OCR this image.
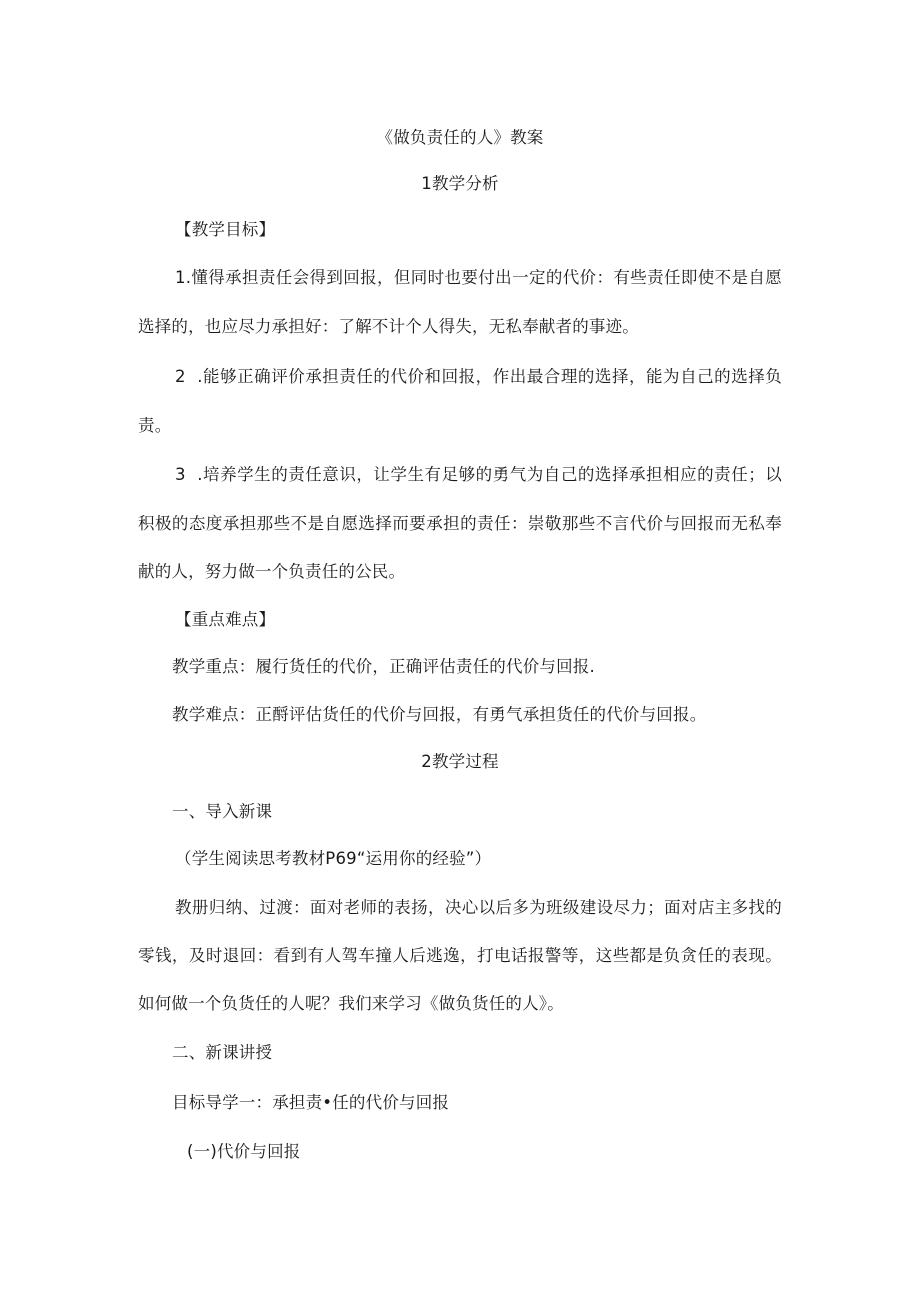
《做负责任的人》教案
1教学分析
【教学目标】
1.懂得承担责任会得到回报，但同时也要付出一定的代价：有些责任即使不是自愿
选择的，也应尽力承担好：了解不计个人得失，无私奉献者的事迹。
2  .能够正确评价承担责任的代价和回报，作出最合理的选择，能为自己的选择负
责。
3  .培养学生的责任意识，让学生有足够的勇气为自己的选择承担相应的责任；以
积极的态度承担那些不是自愿选择而要承担的责任：崇敬那些不言代价与回报而无私奉
献的人，努力做一个负责任的公民。
【重点难点】
教学重点：履行货任的代价，正确评估责任的代价与回报.
教学难点：正酹评估货任的代价与回报，有勇气承担货任的代价与回报。
2教学过程
一、导入新课
（学生阅读思考教材P69“运用你的经验”）
教册归纳、过渡：面对老师的表扬，决心以后多为班级建设尽力；面对店主多找的
零钱，及时退回：看到有人驾车撞人后逃逸，打电话报警等，这些都是负贪任的表现。
如何做一个负货任的人呢？我们来学习《做负货任的人》。
二、新课讲授
目标导学一：承担责•任的代价与回报
(一)代价与回报
